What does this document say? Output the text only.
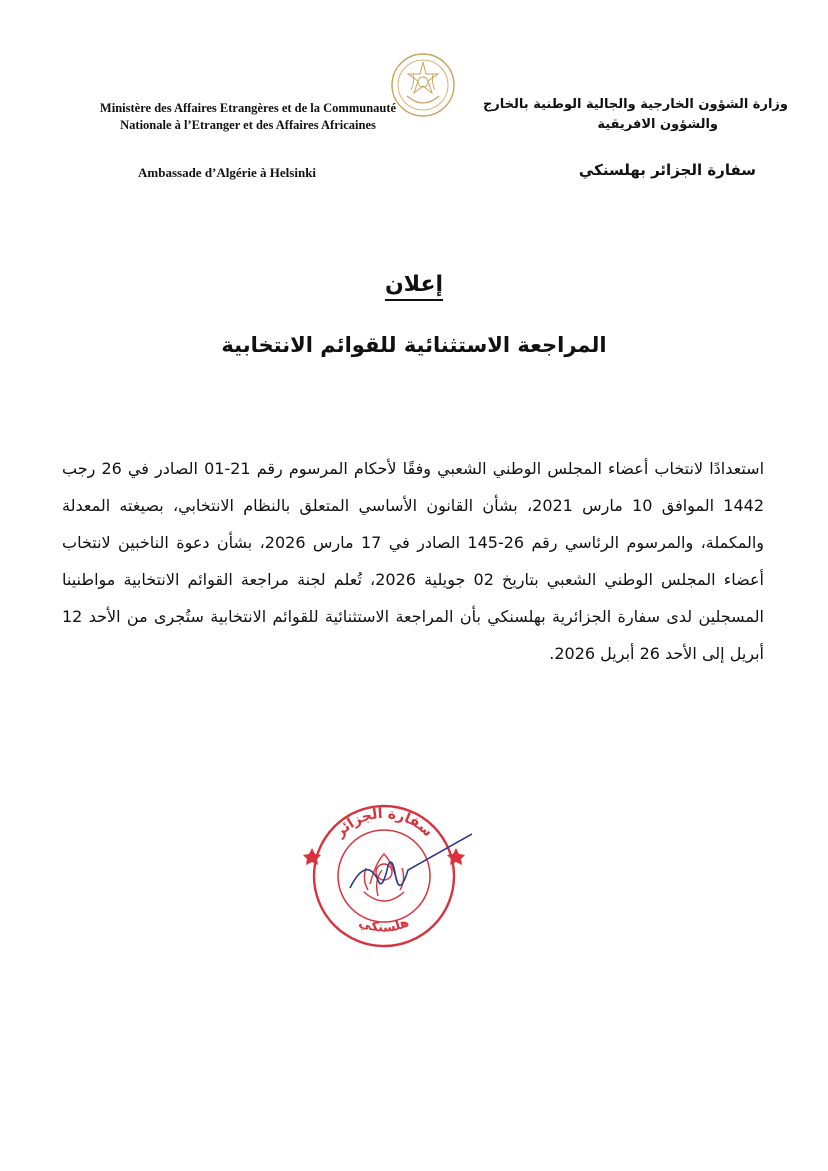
Ministère des Affaires Etrangères et de la Communauté
Nationale à l’Etranger et des Affaires Africaines
وزارة الشؤون الخارجية والجالية الوطنية بالخارج
والشؤون الافريقية
Ambassade d’Algérie à Helsinki	سفارة الجزائر بهلسنكي
إعلان
المراجعة الاستثنائية للقوائم الانتخابية
استعدادًا لانتخاب أعضاء المجلس الوطني الشعبي وفقًا لأحكام المرسوم رقم 21-01 الصادر في 26 رجب 1442 الموافق 10 مارس 2021، بشأن القانون الأساسي المتعلق بالنظام الانتخابي، بصيغته المعدلة والمكملة، والمرسوم الرئاسي رقم 26-145 الصادر في 17 مارس 2026، بشأن دعوة الناخبين لانتخاب أعضاء المجلس الوطني الشعبي بتاريخ 02 جويلية 2026، تُعلم لجنة مراجعة القوائم الانتخابية مواطنينا المسجلين لدى سفارة الجزائرية بهلسنكي بأن المراجعة الاستثنائية للقوائم الانتخابية ستُجرى من الأحد 12 أبريل إلى الأحد 26 أبريل 2026.
سفارة الجزائر
هلسنكي
